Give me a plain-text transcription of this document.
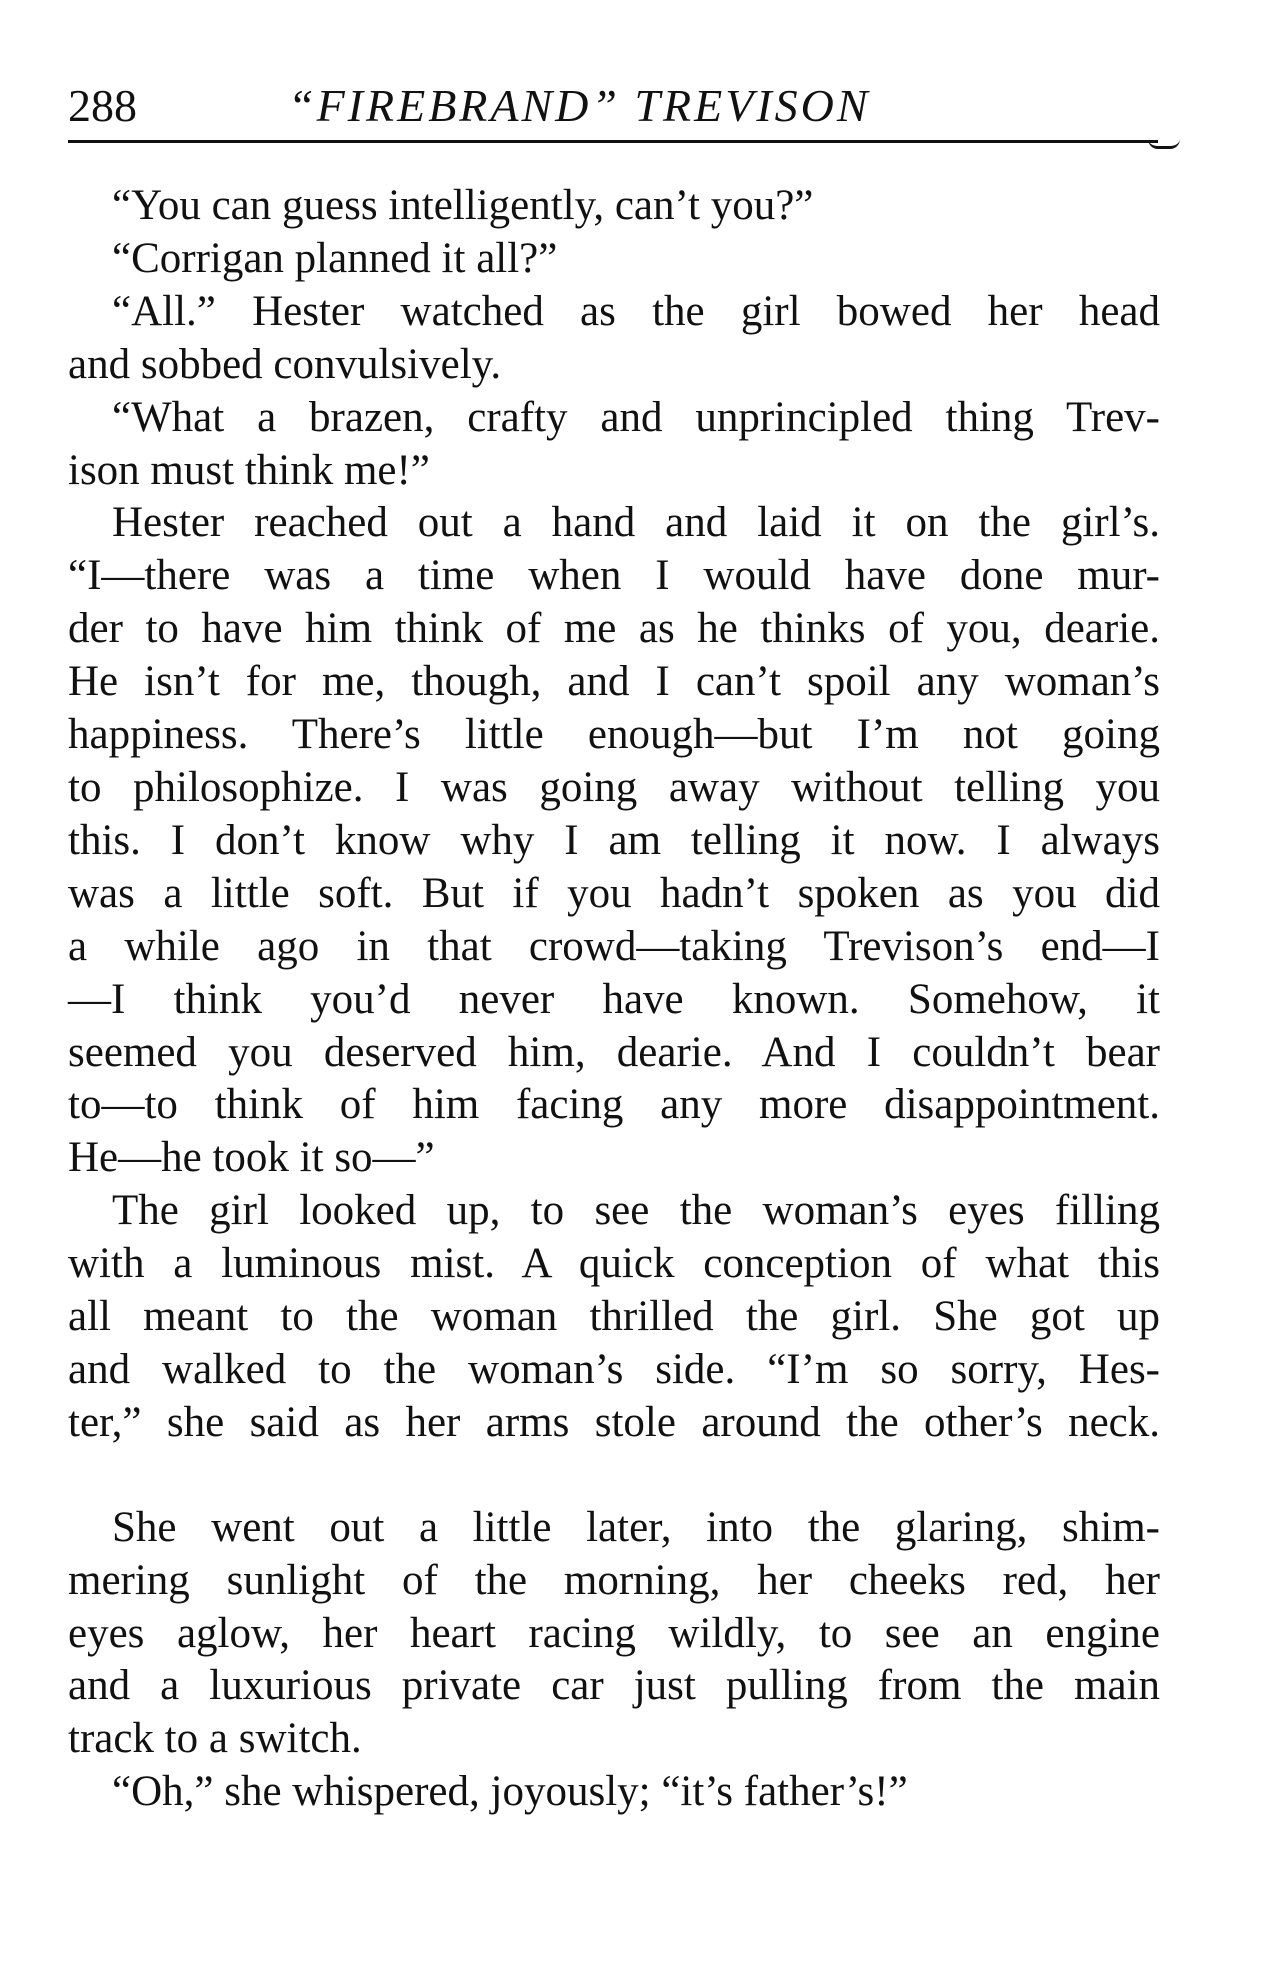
288	“FIREBRAND” TREVISON
“You can guess intelligently, can’t you?”
“Corrigan planned it all?”
“All.” Hester watched as the girl bowed her head
and sobbed convulsively.
“What a brazen, crafty and unprincipled thing Trev-
ison must think me!”
Hester reached out a hand and laid it on the girl’s.
“I—there was a time when I would have done mur-
der to have him think of me as he thinks of you, dearie.
He isn’t for me, though, and I can’t spoil any woman’s
happiness. There’s little enough—but I’m not going
to philosophize. I was going away without telling you
this. I don’t know why I am telling it now. I always
was a little soft. But if you hadn’t spoken as you did
a while ago in that crowd—taking Trevison’s end—I
—I think you’d never have known. Somehow, it
seemed you deserved him, dearie. And I couldn’t bear
to—to think of him facing any more disappointment.
He—he took it so—”
The girl looked up, to see the woman’s eyes filling
with a luminous mist. A quick conception of what this
all meant to the woman thrilled the girl. She got up
and walked to the woman’s side. “I’m so sorry, Hes-
ter,” she said as her arms stole around the other’s neck.
She went out a little later, into the glaring, shim-
mering sunlight of the morning, her cheeks red, her
eyes aglow, her heart racing wildly, to see an engine
and a luxurious private car just pulling from the main
track to a switch.
“Oh,” she whispered, joyously; “it’s father’s!”
